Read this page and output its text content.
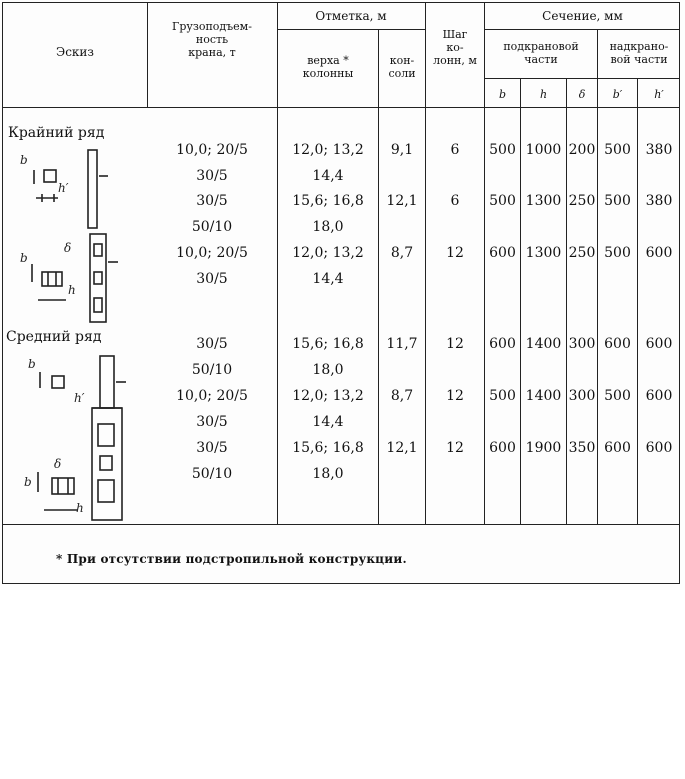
Эскиз
Грузоподъем-
ность
крана, т
Отметка, м
верха *
колонны
кон-
соли
Шаг
ко-
лонн, м
Сечение, мм
подкрановой
части
надкрано-
вой части
b	h	δ	b′	h′
Крайний ряд
Средний ряд
10,0; 20/5	12,0; 13,2	9,1	6	500 1000 200 500	380
30/5	14,4
30/5	15,6; 16,8	12,1	6	500 1300 250 500	380
50/10	18,0
10,0; 20/5	12,0; 13,2	8,7	12	600 1300 250 500	600
30/5	14,4
30/5	15,6; 16,8	11,7	12	600 1400 300 600	600
50/10	18,0
10,0; 20/5	12,0; 13,2	8,7	12	500 1400 300 500	600
30/5	14,4
30/5	15,6; 16,8	12,1	12	600 1900 350 600	600
50/10	18,0
b
h′
b
δ
h
b
h′
δ
b
h
* При отсутствии подстропильной конструкции.
